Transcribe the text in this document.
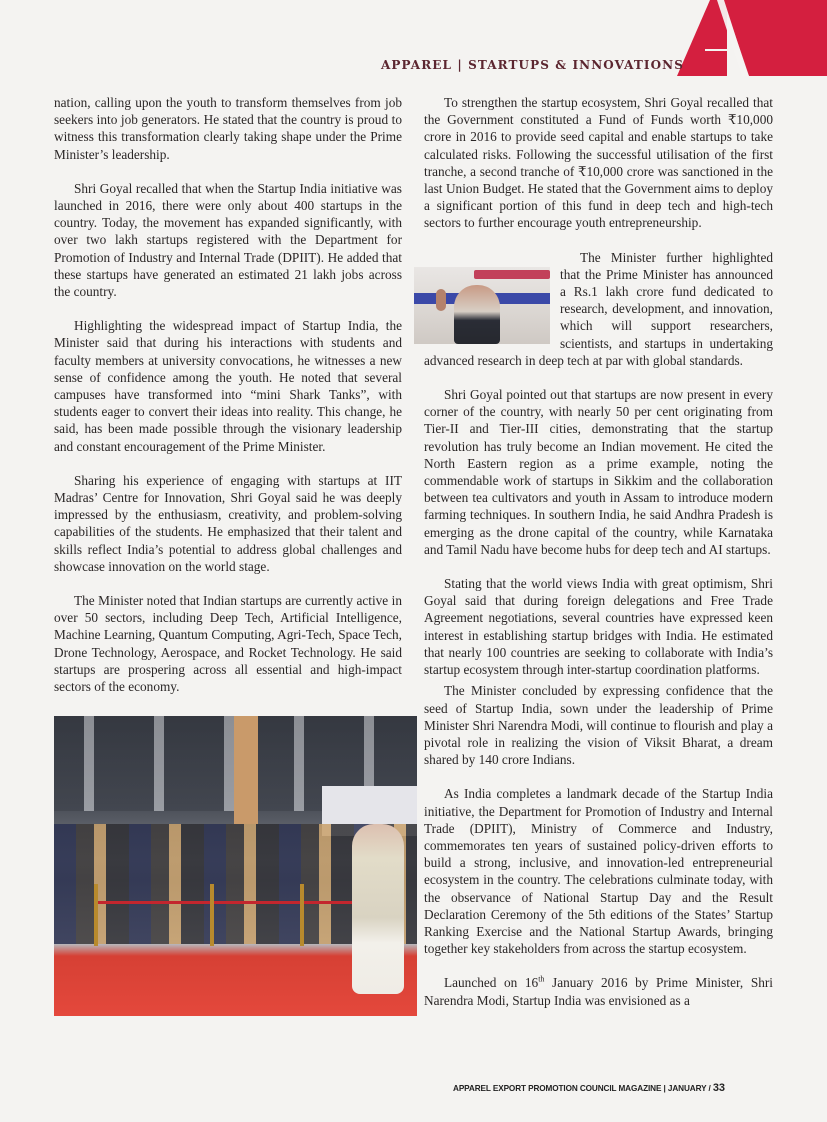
APPAREL | STARTUPS & INNOVATIONS

nation, calling upon the youth to transform themselves from job seekers into job generators. He stated that the country is proud to witness this transformation clearly taking shape under the Prime Minister’s leadership.

Shri Goyal recalled that when the Startup India initiative was launched in 2016, there were only about 400 startups in the country. Today, the movement has expanded significantly, with over two lakh startups registered with the Department for Promotion of Industry and Internal Trade (DPIIT). He added that these startups have generated an estimated 21 lakh jobs across the country.

Highlighting the widespread impact of Startup India, the Minister said that during his interactions with students and faculty members at university convocations, he witnesses a new sense of confidence among the youth. He noted that several campuses have transformed into “mini Shark Tanks”, with students eager to convert their ideas into reality. This change, he said, has been made possible through the visionary leadership and constant encouragement of the Prime Minister.

Sharing his experience of engaging with startups at IIT Madras’ Centre for Innovation, Shri Goyal said he was deeply impressed by the enthusiasm, creativity, and problem-solving capabilities of the students. He emphasized that their talent and skills reflect India’s potential to address global challenges and showcase innovation on the world stage.

The Minister noted that Indian startups are currently active in over 50 sectors, including Deep Tech, Artificial Intelligence, Machine Learning, Quantum Computing, Agri-Tech, Space Tech, Drone Technology, Aerospace, and Rocket Technology. He said startups are prospering across all essential and high-impact sectors of the economy.

To strengthen the startup ecosystem, Shri Goyal recalled that the Government constituted a Fund of Funds worth ₹10,000 crore in 2016 to provide seed capital and enable startups to take calculated risks. Following the successful utilisation of the first tranche, a second tranche of ₹10,000 crore was sanctioned in the last Union Budget. He stated that the Government aims to deploy a significant portion of this fund in deep tech and high-tech sectors to further encourage youth entrepreneurship.

The Minister further highlighted that the Prime Minister has announced a Rs.1 lakh crore fund dedicated to research, development, and innovation, which will support researchers, scientists, and startups in undertaking advanced research in deep tech at par with global standards.

Shri Goyal pointed out that startups are now present in every corner of the country, with nearly 50 per cent originating from Tier-II and Tier-III cities, demonstrating that the startup revolution has truly become an Indian movement. He cited the North Eastern region as a prime example, noting the commendable work of startups in Sikkim and the collaboration between tea cultivators and youth in Assam to introduce modern farming techniques. In southern India, he said Andhra Pradesh is emerging as the drone capital of the country, while Karnataka and Tamil Nadu have become hubs for deep tech and AI startups.

Stating that the world views India with great optimism, Shri Goyal said that during foreign delegations and Free Trade Agreement negotiations, several countries have expressed keen interest in establishing startup bridges with India. He estimated that nearly 100 countries are seeking to collaborate with India’s startup ecosystem through inter-startup coordination platforms.

The Minister concluded by expressing confidence that the seed of Startup India, sown under the leadership of Prime Minister Shri Narendra Modi, will continue to flourish and play a pivotal role in realizing the vision of Viksit Bharat, a dream shared by 140 crore Indians.

As India completes a landmark decade of the Startup India initiative, the Department for Promotion of Industry and Internal Trade (DPIIT), Ministry of Commerce and Industry, commemorates ten years of sustained policy-driven efforts to build a strong, inclusive, and innovation-led entrepreneurial ecosystem in the country. The celebrations culminate today, with the observance of National Startup Day and the Result Declaration Ceremony of the 5th editions of the States’ Startup Ranking Exercise and the National Startup Awards, bringing together key stakeholders from across the startup ecosystem.

Launched on 16th January 2016 by Prime Minister, Shri Narendra Modi, Startup India was envisioned as a

APPAREL EXPORT PROMOTION COUNCIL MAGAZINE | JANUARY / 33
